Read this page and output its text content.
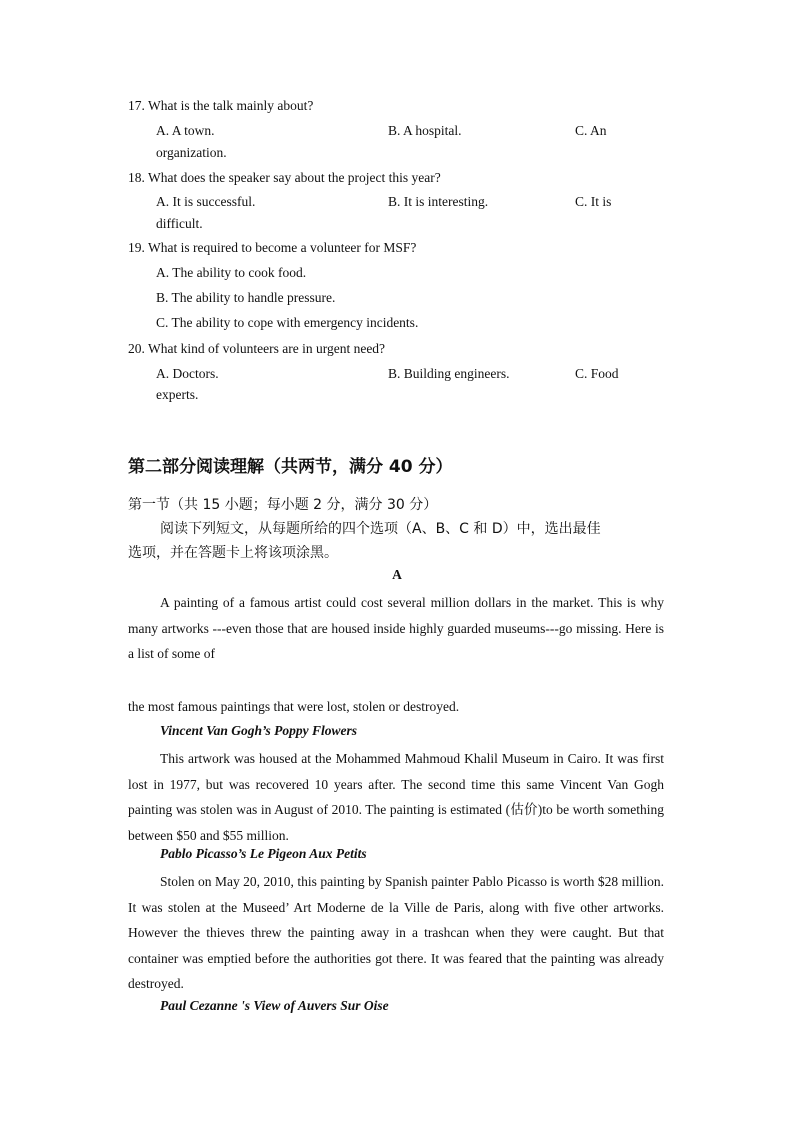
17. What is the talk mainly about?
A. A town.	B. A hospital.	C. An
organization.
18. What does the speaker say about the project this year?
A. It is successful.	B. It is interesting.	C. It is
difficult.
19. What is required to become a volunteer for MSF?
A. The ability to cook food.
B. The ability to handle pressure.
C. The ability to cope with emergency incidents.
20. What kind of volunteers are in urgent need?
A. Doctors.	B. Building engineers.	C. Food
experts.
第二部分阅读理解（共两节，满分 40 分）
第一节（共 15 小题；每小题 2 分，满分 30 分）
阅读下列短文，从每题所给的四个选项（A、B、C 和 D）中，选出最佳
选项，并在答题卡上将该项涂黑。
A
A painting of a famous artist could cost several million dollars in the market. This is why many artworks ---even those that are housed inside highly guarded museums---go missing. Here is a list of some of
the most famous paintings that were lost, stolen or destroyed.
Vincent Van Gogh’s Poppy Flowers
This artwork was housed at the Mohammed Mahmoud Khalil Museum in Cairo. It was first lost in 1977, but was recovered 10 years after. The second time this same Vincent Van Gogh painting was stolen was in August of 2010. The painting is estimated (估价)to be worth something between $50 and $55 million.
Pablo Picasso’s Le Pigeon Aux Petits
Stolen on May 20, 2010, this painting by Spanish painter Pablo Picasso is worth $28 million. It was stolen at the Museed’ Art Moderne de la Ville de Paris, along with five other artworks. However the thieves threw the painting away in a trashcan when they were caught. But that container was emptied before the authorities got there. It was feared that the painting was already destroyed.
Paul Cezanne 's View of Auvers Sur Oise
